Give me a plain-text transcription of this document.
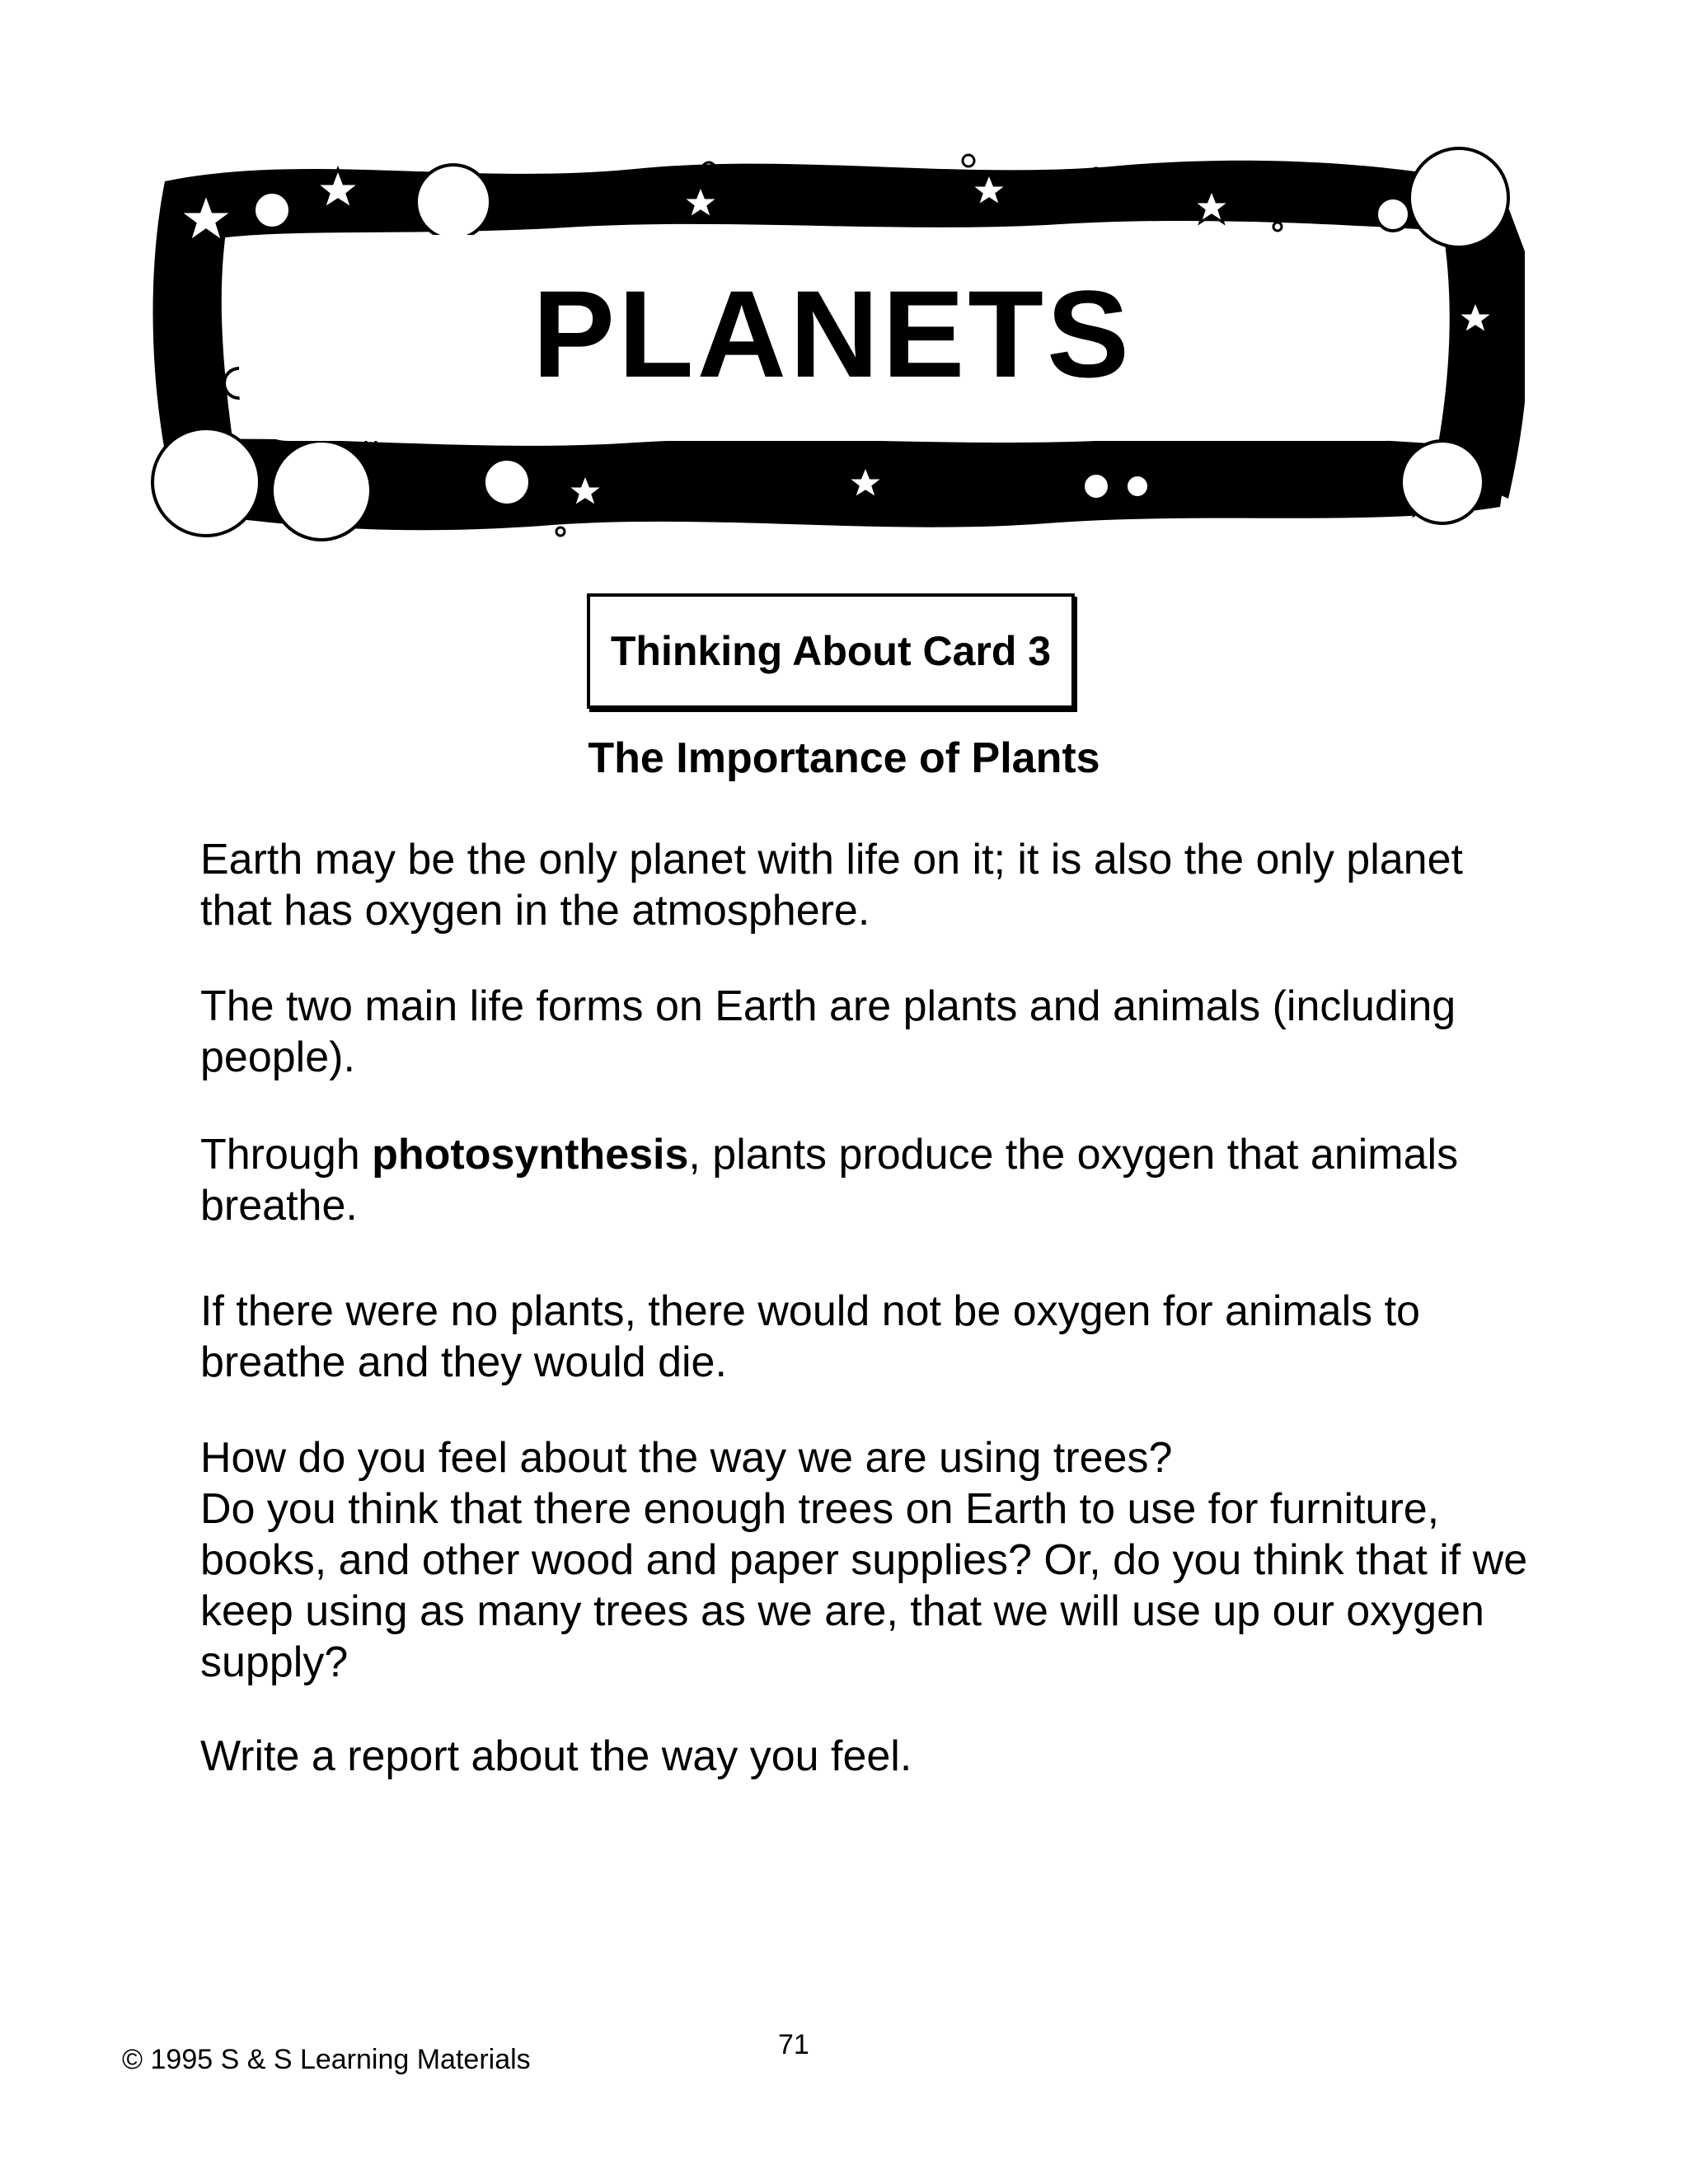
PLANETS
Thinking About Card 3
The Importance of Plants

Earth may be the only planet with life on it; it is also the only planet that has oxygen in the atmosphere.

The two main life forms on Earth are plants and animals (including people).

Through photosynthesis, plants produce the oxygen that animals breathe.

If there were no plants, there would not be oxygen for animals to breathe and they would die.

How do you feel about the way we are using trees?
Do you think that there enough trees on Earth to use for furniture, books, and other wood and paper supplies? Or, do you think that if we keep using as many trees as we are, that we will use up our oxygen supply?

Write a report about the way you feel.

© 1995 S & S Learning Materials	71
